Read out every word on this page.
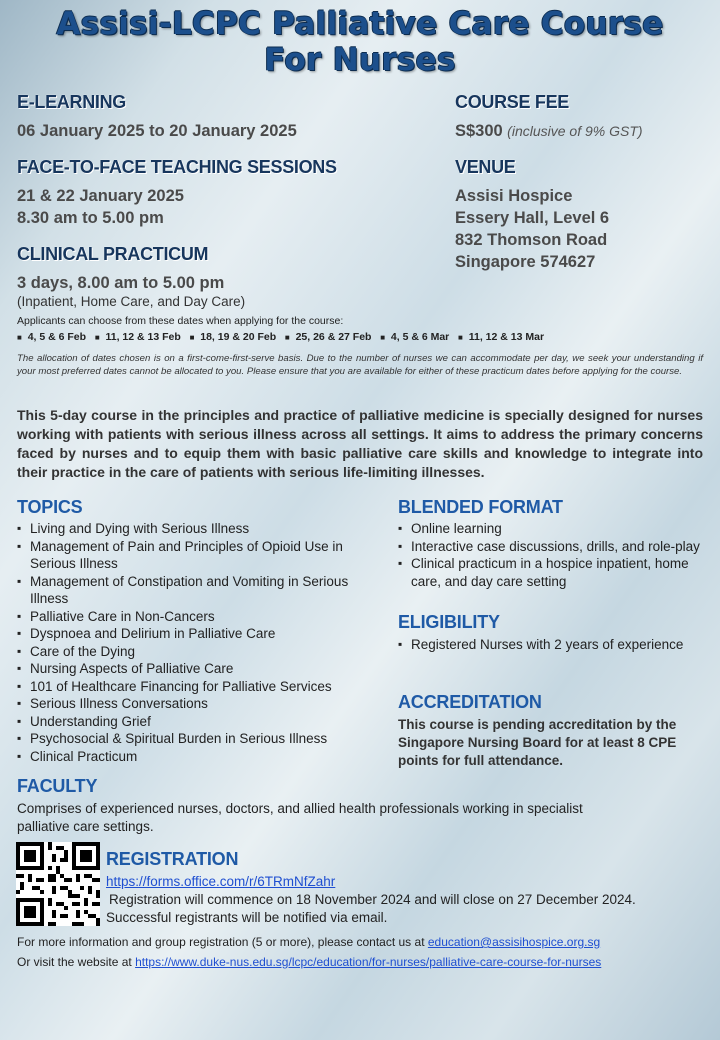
Assisi-LCPC Palliative Care Course
For Nurses
E-LEARNING
06 January 2025 to 20 January 2025
COURSE FEE
S$300 (inclusive of 9% GST)
FACE-TO-FACE TEACHING SESSIONS
21 & 22 January 2025
8.30 am to 5.00 pm
VENUE
Assisi Hospice
Essery Hall, Level 6
832 Thomson Road
Singapore 574627
CLINICAL PRACTICUM
3 days, 8.00 am to 5.00 pm
(Inpatient, Home Care, and Day Care)
Applicants can choose from these dates when applying for the course:
■ 4, 5 & 6 Feb ■ 11, 12 & 13 Feb ■ 18, 19 & 20 Feb ■ 25, 26 & 27 Feb ■ 4, 5 & 6 Mar ■ 11, 12 & 13 Mar
The allocation of dates chosen is on a first-come-first-serve basis. Due to the number of nurses we can accommodate per day, we seek your understanding if your most preferred dates cannot be allocated to you. Please ensure that you are available for either of these practicum dates before applying for the course.
This 5-day course in the principles and practice of palliative medicine is specially designed for nurses working with patients with serious illness across all settings. It aims to address the primary concerns faced by nurses and to equip them with basic palliative care skills and knowledge to integrate into their practice in the care of patients with serious life-limiting illnesses.
TOPICS
▪ Living and Dying with Serious Illness
▪ Management of Pain and Principles of Opioid Use in Serious Illness
▪ Management of Constipation and Vomiting in Serious Illness
▪ Palliative Care in Non-Cancers
▪ Dyspnoea and Delirium in Palliative Care
▪ Care of the Dying
▪ Nursing Aspects of Palliative Care
▪ 101 of Healthcare Financing for Palliative Services
▪ Serious Illness Conversations
▪ Understanding Grief
▪ Psychosocial & Spiritual Burden in Serious Illness
▪ Clinical Practicum
BLENDED FORMAT
▪ Online learning
▪ Interactive case discussions, drills, and role-play
▪ Clinical practicum in a hospice inpatient, home care, and day care setting
ELIGIBILITY
▪ Registered Nurses with 2 years of experience
ACCREDITATION
This course is pending accreditation by the Singapore Nursing Board for at least 8 CPE points for full attendance.
FACULTY
Comprises of experienced nurses, doctors, and allied health professionals working in specialist palliative care settings.
REGISTRATION
https://forms.office.com/r/6TRmNfZahr
Registration will commence on 18 November 2024 and will close on 27 December 2024.
Successful registrants will be notified via email.
For more information and group registration (5 or more), please contact us at education@assisihospice.org.sg
Or visit the website at https://www.duke-nus.edu.sg/lcpc/education/for-nurses/palliative-care-course-for-nurses
